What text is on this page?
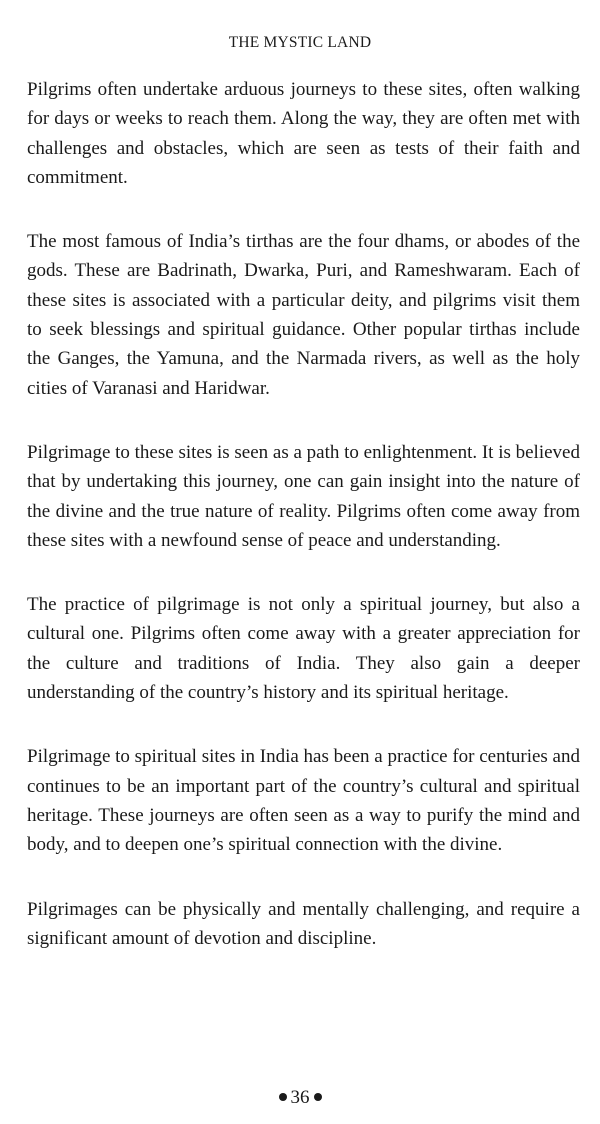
THE MYSTIC LAND

Pilgrims often undertake arduous journeys to these sites, often walking for days or weeks to reach them. Along the way, they are often met with challenges and obstacles, which are seen as tests of their faith and commitment.

The most famous of India’s tirthas are the four dhams, or abodes of the gods. These are Badrinath, Dwarka, Puri, and Rameshwaram. Each of these sites is associated with a particular deity, and pilgrims visit them to seek blessings and spiritual guidance. Other popular tirthas include the Ganges, the Yamuna, and the Narmada rivers, as well as the holy cities of Varanasi and Haridwar.

Pilgrimage to these sites is seen as a path to enlightenment. It is believed that by undertaking this journey, one can gain insight into the nature of the divine and the true nature of reality. Pilgrims often come away from these sites with a newfound sense of peace and understanding.

The practice of pilgrimage is not only a spiritual journey, but also a cultural one. Pilgrims often come away with a greater appreciation for the culture and traditions of India. They also gain a deeper understanding of the country’s history and its spiritual heritage.

Pilgrimage to spiritual sites in India has been a practice for centuries and continues to be an important part of the country’s cultural and spiritual heritage. These journeys are often seen as a way to purify the mind and body, and to deepen one’s spiritual connection with the divine.

Pilgrimages can be physically and mentally challenging, and require a significant amount of devotion and discipline.

36
